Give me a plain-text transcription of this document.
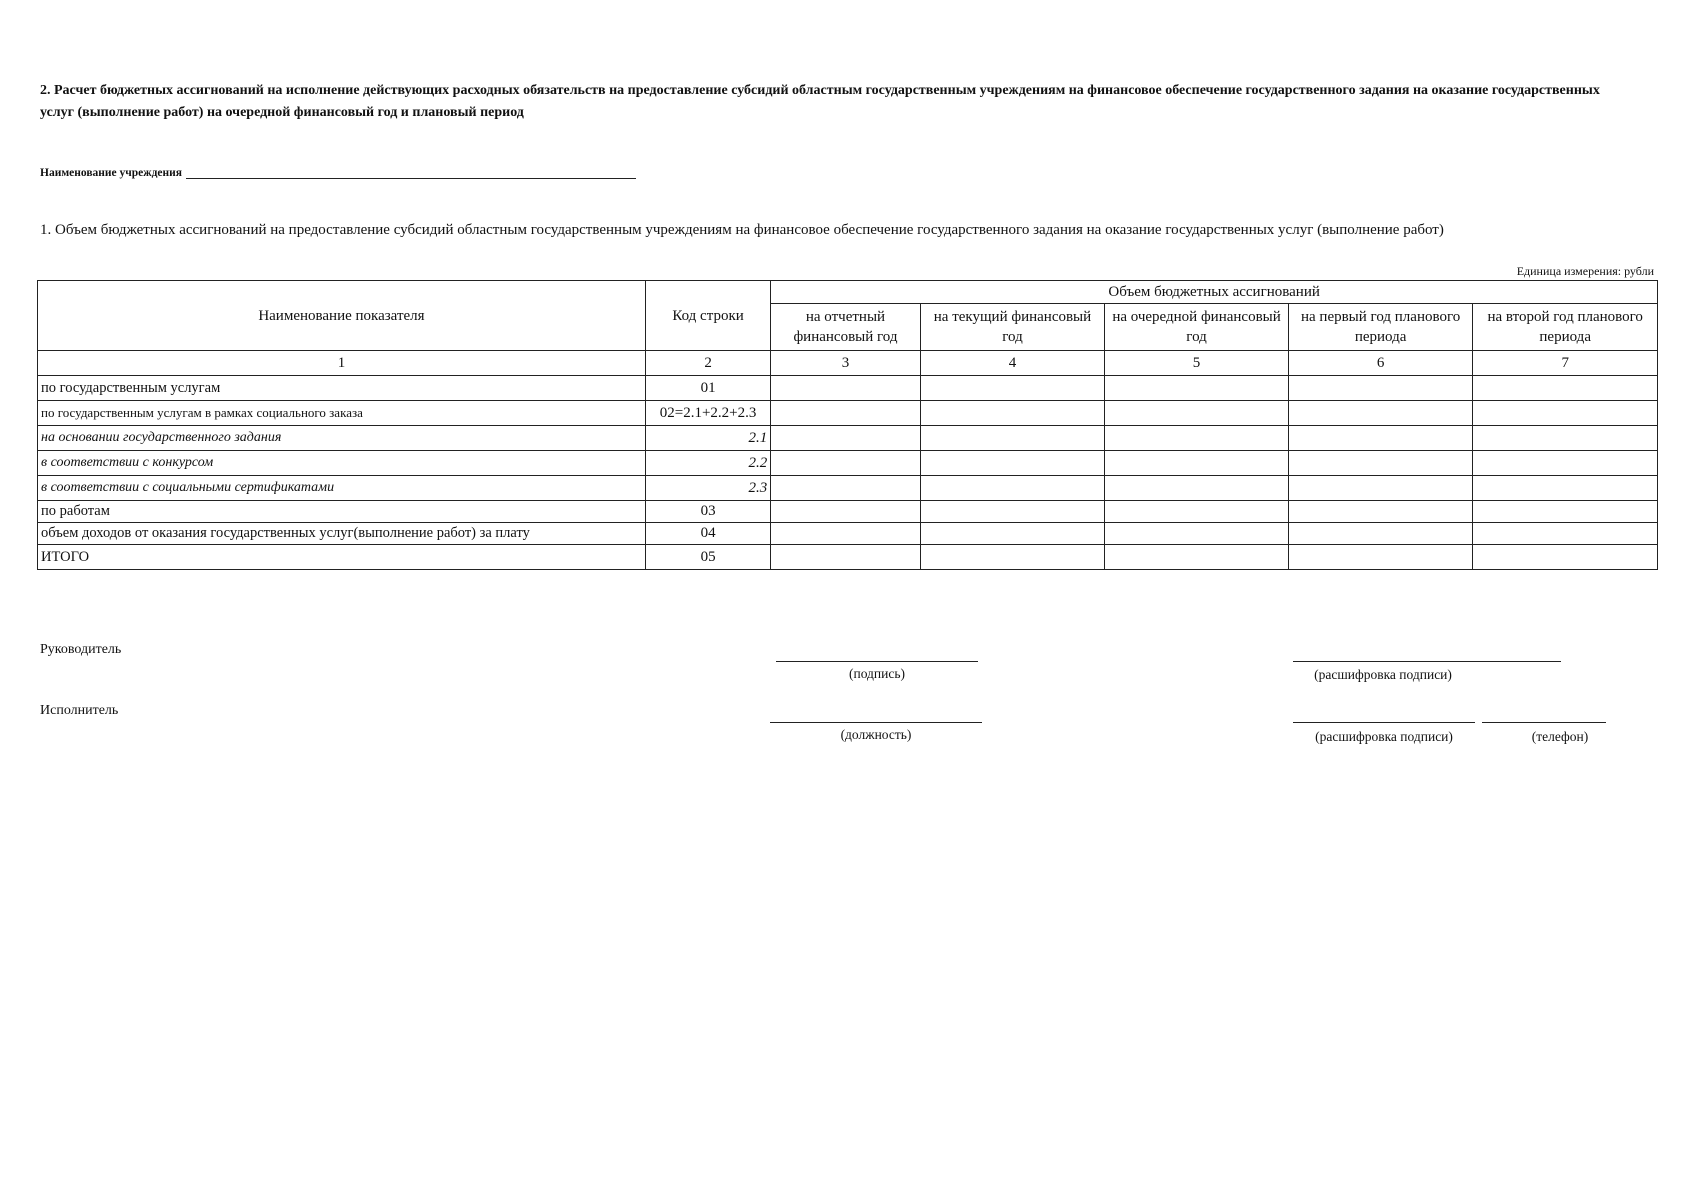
2. Расчет бюджетных ассигнований на исполнение действующих расходных обязательств на предоставление субсидий областным государственным учреждениям на финансовое обеспечение государственного задания на оказание государственных услуг (выполнение работ) на очередной финансовый год и плановый период
Наименование учреждения
1. Объем бюджетных ассигнований на предоставление субсидий областным государственным учреждениям на финансовое обеспечение государственного задания на оказание государственных услуг (выполнение работ)
Единица измерения: рубли
Наименование показателя	Код строки	Объем бюджетных ассигнований				
		на отчетный финансовый год	на текущий финансовый год	на очередной финансовый год	на первый год планового периода	на второй год планового периода
1	2	3	4	5	6	7
по государственным услугам	01					
по государственным услугам в рамках социального заказа	02=2.1+2.2+2.3					
на основании государственного задания	2.1					
в соответствии с конкурсом	2.2					
в соответствии с социальными сертификатами	2.3					
по работам	03					
объем доходов от оказания государственных услуг(выполнение работ) за плату	04					
ИТОГО	05					
Руководитель
(подпись)	(расшифровка подписи)
Исполнитель
(должность)	(расшифровка подписи)	(телефон)
